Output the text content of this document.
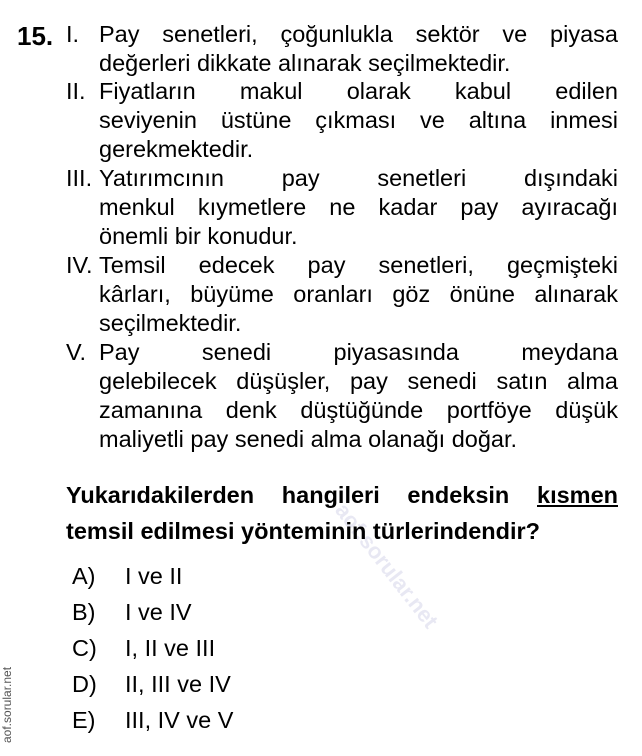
aof.sorular.net
aof.sorular.net
15. I. Pay senetleri, çoğunlukla sektör ve piyasa
değerleri dikkate alınarak seçilmektedir.
II. Fiyatların makul olarak kabul edilen
seviyenin üstüne çıkması ve altına inmesi
gerekmektedir.
III. Yatırımcının pay senetleri dışındaki
menkul kıymetlere ne kadar pay ayıracağı
önemli bir konudur.
IV. Temsil edecek pay senetleri, geçmişteki
kârları, büyüme oranları göz önüne alınarak
seçilmektedir.
V. Pay senedi piyasasında meydana
gelebilecek düşüşler, pay senedi satın alma
zamanına denk düştüğünde portföye düşük
maliyetli pay senedi alma olanağı doğar.
Yukarıdakilerden hangileri endeksin kısmen
temsil edilmesi yönteminin türlerindendir?
A) I ve II
B) I ve IV
C) I, II ve III
D) II, III ve IV
E) III, IV ve V
